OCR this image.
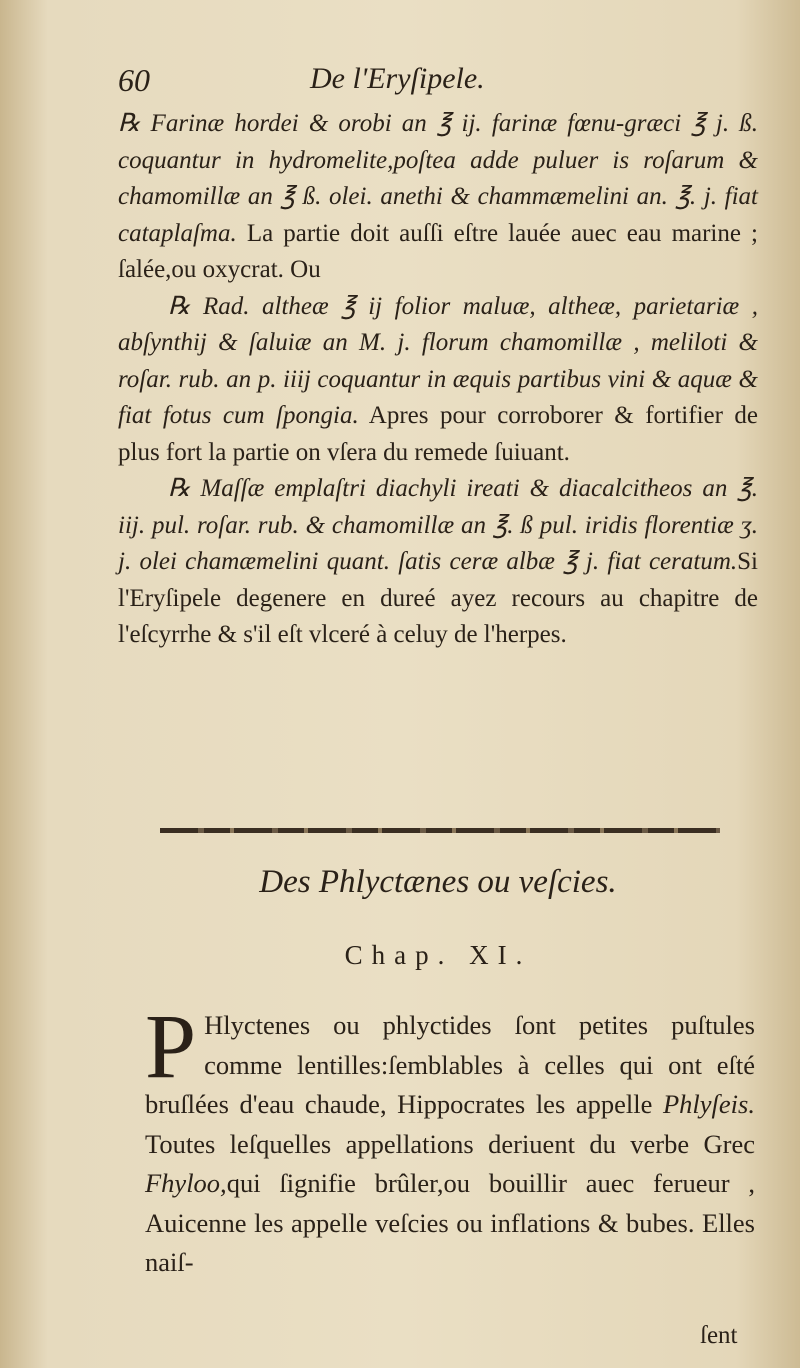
60	De l'Eryſipele.

℞ Farinæ hordei & orobi an ℥ ij. farinæ fœnu-græci ℥ j. ß. coquantur in hydromelite,poſtea adde puluer is roſarum & chamomillæ an ℥ ß. olei. anethi & chammæmelini an. ℥. j. fiat cataplaſma. La partie doit auſſi eſtre lauée auec eau marine ; ſalée,ou oxycrat. Ou

℞ Rad. altheæ ℥ ij folior maluæ, altheæ, parietariæ , abſynthij & ſaluiæ an M. j. florum chamomillæ , meliloti & roſar. rub. an p. iiij coquantur in æquis partibus vini & aquæ & fiat fotus cum ſpongia. Apres pour corroborer & fortifier de plus fort la partie on vſera du remede ſuiuant.

℞ Maſſæ emplaſtri diachyli ireati & diacalcitheos an ℥. iij. pul. roſar. rub. & chamomillæ an ℥. ß pul. iridis florentiæ ʒ. j. olei chamæmelini quant. ſatis ceræ albæ ℥ j. fiat ceratum.Si l'Eryſipele degenere en dureé ayez recours au chapitre de l'eſcyrrhe & s'il eſt vlceré à celuy de l'herpes.

Des Phlyctænes ou veſcies.
Chap. XI.
P Hlyctenes ou phlyctides ſont petites puſtules comme lentilles:ſemblables à celles qui ont eſté bruſlées d'eau chaude, Hippocrates les appelle Phlyſeis. Toutes leſquelles appellations deriuent du verbe Grec Fhyloo,qui ſignifie brûler,ou bouillir auec ferueur , Auicenne les appelle veſcies ou inflations & bubes. Elles naiſ-

ſent
